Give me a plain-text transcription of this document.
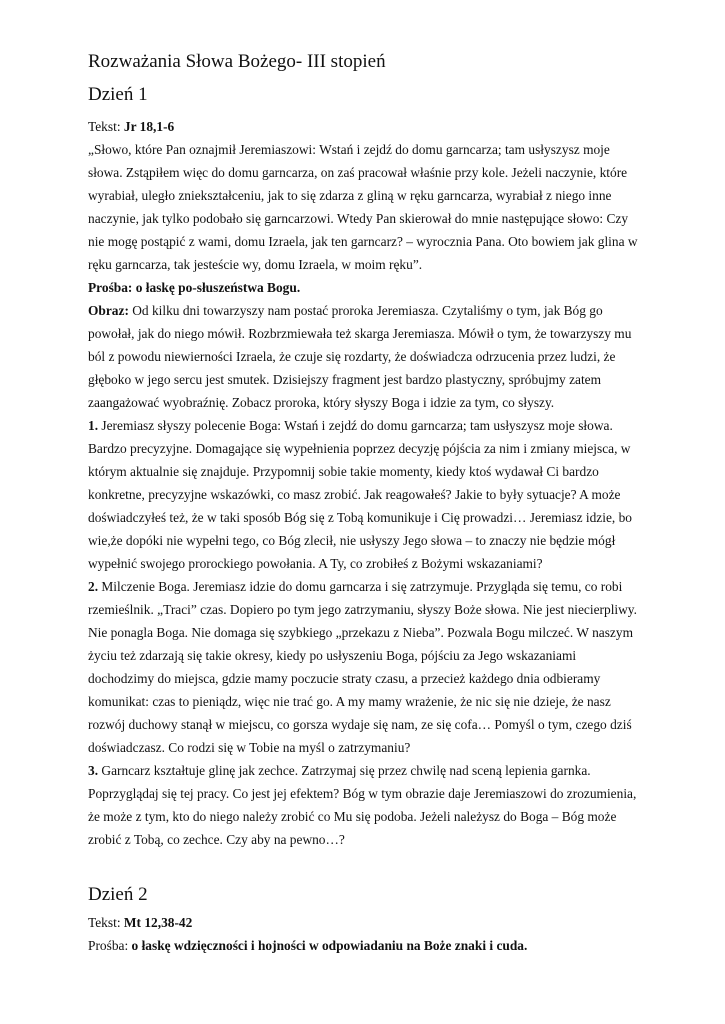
Rozważania Słowa Bożego- III stopień
Dzień 1

Tekst: Jr 18,1-6

„Słowo, które Pan oznajmił Jeremiaszowi: Wstań i zejdź do domu garncarza; tam usłyszysz moje słowa. Zstąpiłem więc do domu garncarza, on zaś pracował właśnie przy kole. Jeżeli naczynie, które wyrabiał, uległo zniekształceniu, jak to się zdarza z gliną w ręku garncarza, wyrabiał z niego inne naczynie, jak tylko podobało się garncarzowi. Wtedy Pan skierował do mnie następujące słowo: Czy nie mogę postąpić z wami, domu Izraela, jak ten garncarz? – wyrocznia Pana. Oto bowiem jak glina w ręku garncarza, tak jesteście wy, domu Izraela, w moim ręku”.

Prośba: o łaskę po-słuszeństwa Bogu.

Obraz: Od kilku dni towarzyszy nam postać proroka Jeremiasza. Czytaliśmy o tym, jak Bóg go powołał, jak do niego mówił. Rozbrzmiewała też skarga Jeremiasza. Mówił o tym, że towarzyszy mu ból z powodu niewierności Izraela, że czuje się rozdarty, że doświadcza odrzucenia przez ludzi, że głęboko w jego sercu jest smutek. Dzisiejszy fragment jest bardzo plastyczny, spróbujmy zatem zaangażować wyobraźnię. Zobacz proroka, który słyszy Boga i idzie za tym, co słyszy.

1. Jeremiasz słyszy polecenie Boga: Wstań i zejdź do domu garncarza; tam usłyszysz moje słowa. Bardzo precyzyjne. Domagające się wypełnienia poprzez decyzję pójścia za nim i zmiany miejsca, w którym aktualnie się znajduje. Przypomnij sobie takie momenty, kiedy ktoś wydawał Ci bardzo konkretne, precyzyjne wskazówki, co masz zrobić. Jak reagowałeś? Jakie to były sytuacje? A może doświadczyłeś też, że w taki sposób Bóg się z Tobą komunikuje i Cię prowadzi… Jeremiasz idzie, bo wie,że dopóki nie wypełni tego, co Bóg zlecił, nie usłyszy Jego słowa – to znaczy nie będzie mógł wypełnić swojego prorockiego powołania. A Ty, co zrobiłeś z Bożymi wskazaniami?

2. Milczenie Boga. Jeremiasz idzie do domu garncarza i się zatrzymuje. Przygląda się temu, co robi rzemieślnik. „Traci” czas. Dopiero po tym jego zatrzymaniu, słyszy Boże słowa. Nie jest niecierpliwy. Nie ponagla Boga. Nie domaga się szybkiego „przekazu z Nieba”. Pozwala Bogu milczeć. W naszym życiu też zdarzają się takie okresy, kiedy po usłyszeniu Boga, pójściu za Jego wskazaniami dochodzimy do miejsca, gdzie mamy poczucie straty czasu, a przecież każdego dnia odbieramy komunikat: czas to pieniądz, więc nie trać go. A my mamy wrażenie, że nic się nie dzieje, że nasz rozwój duchowy stanął w miejscu, co gorsza wydaje się nam, ze się cofa… Pomyśl o tym, czego dziś doświadczasz. Co rodzi się w Tobie na myśl o zatrzymaniu?

3. Garncarz kształtuje glinę jak zechce. Zatrzymaj się przez chwilę nad sceną lepienia garnka. Poprzyglądaj się tej pracy. Co jest jej efektem? Bóg w tym obrazie daje Jeremiaszowi do zrozumienia, że może z tym, kto do niego należy zrobić co Mu się podoba. Jeżeli należysz do Boga – Bóg może zrobić z Tobą, co zechce. Czy aby na pewno…?

Dzień 2

Tekst: Mt 12,38-42

Prośba: o łaskę wdzięczności i hojności w odpowiadaniu na Boże znaki i cuda.
